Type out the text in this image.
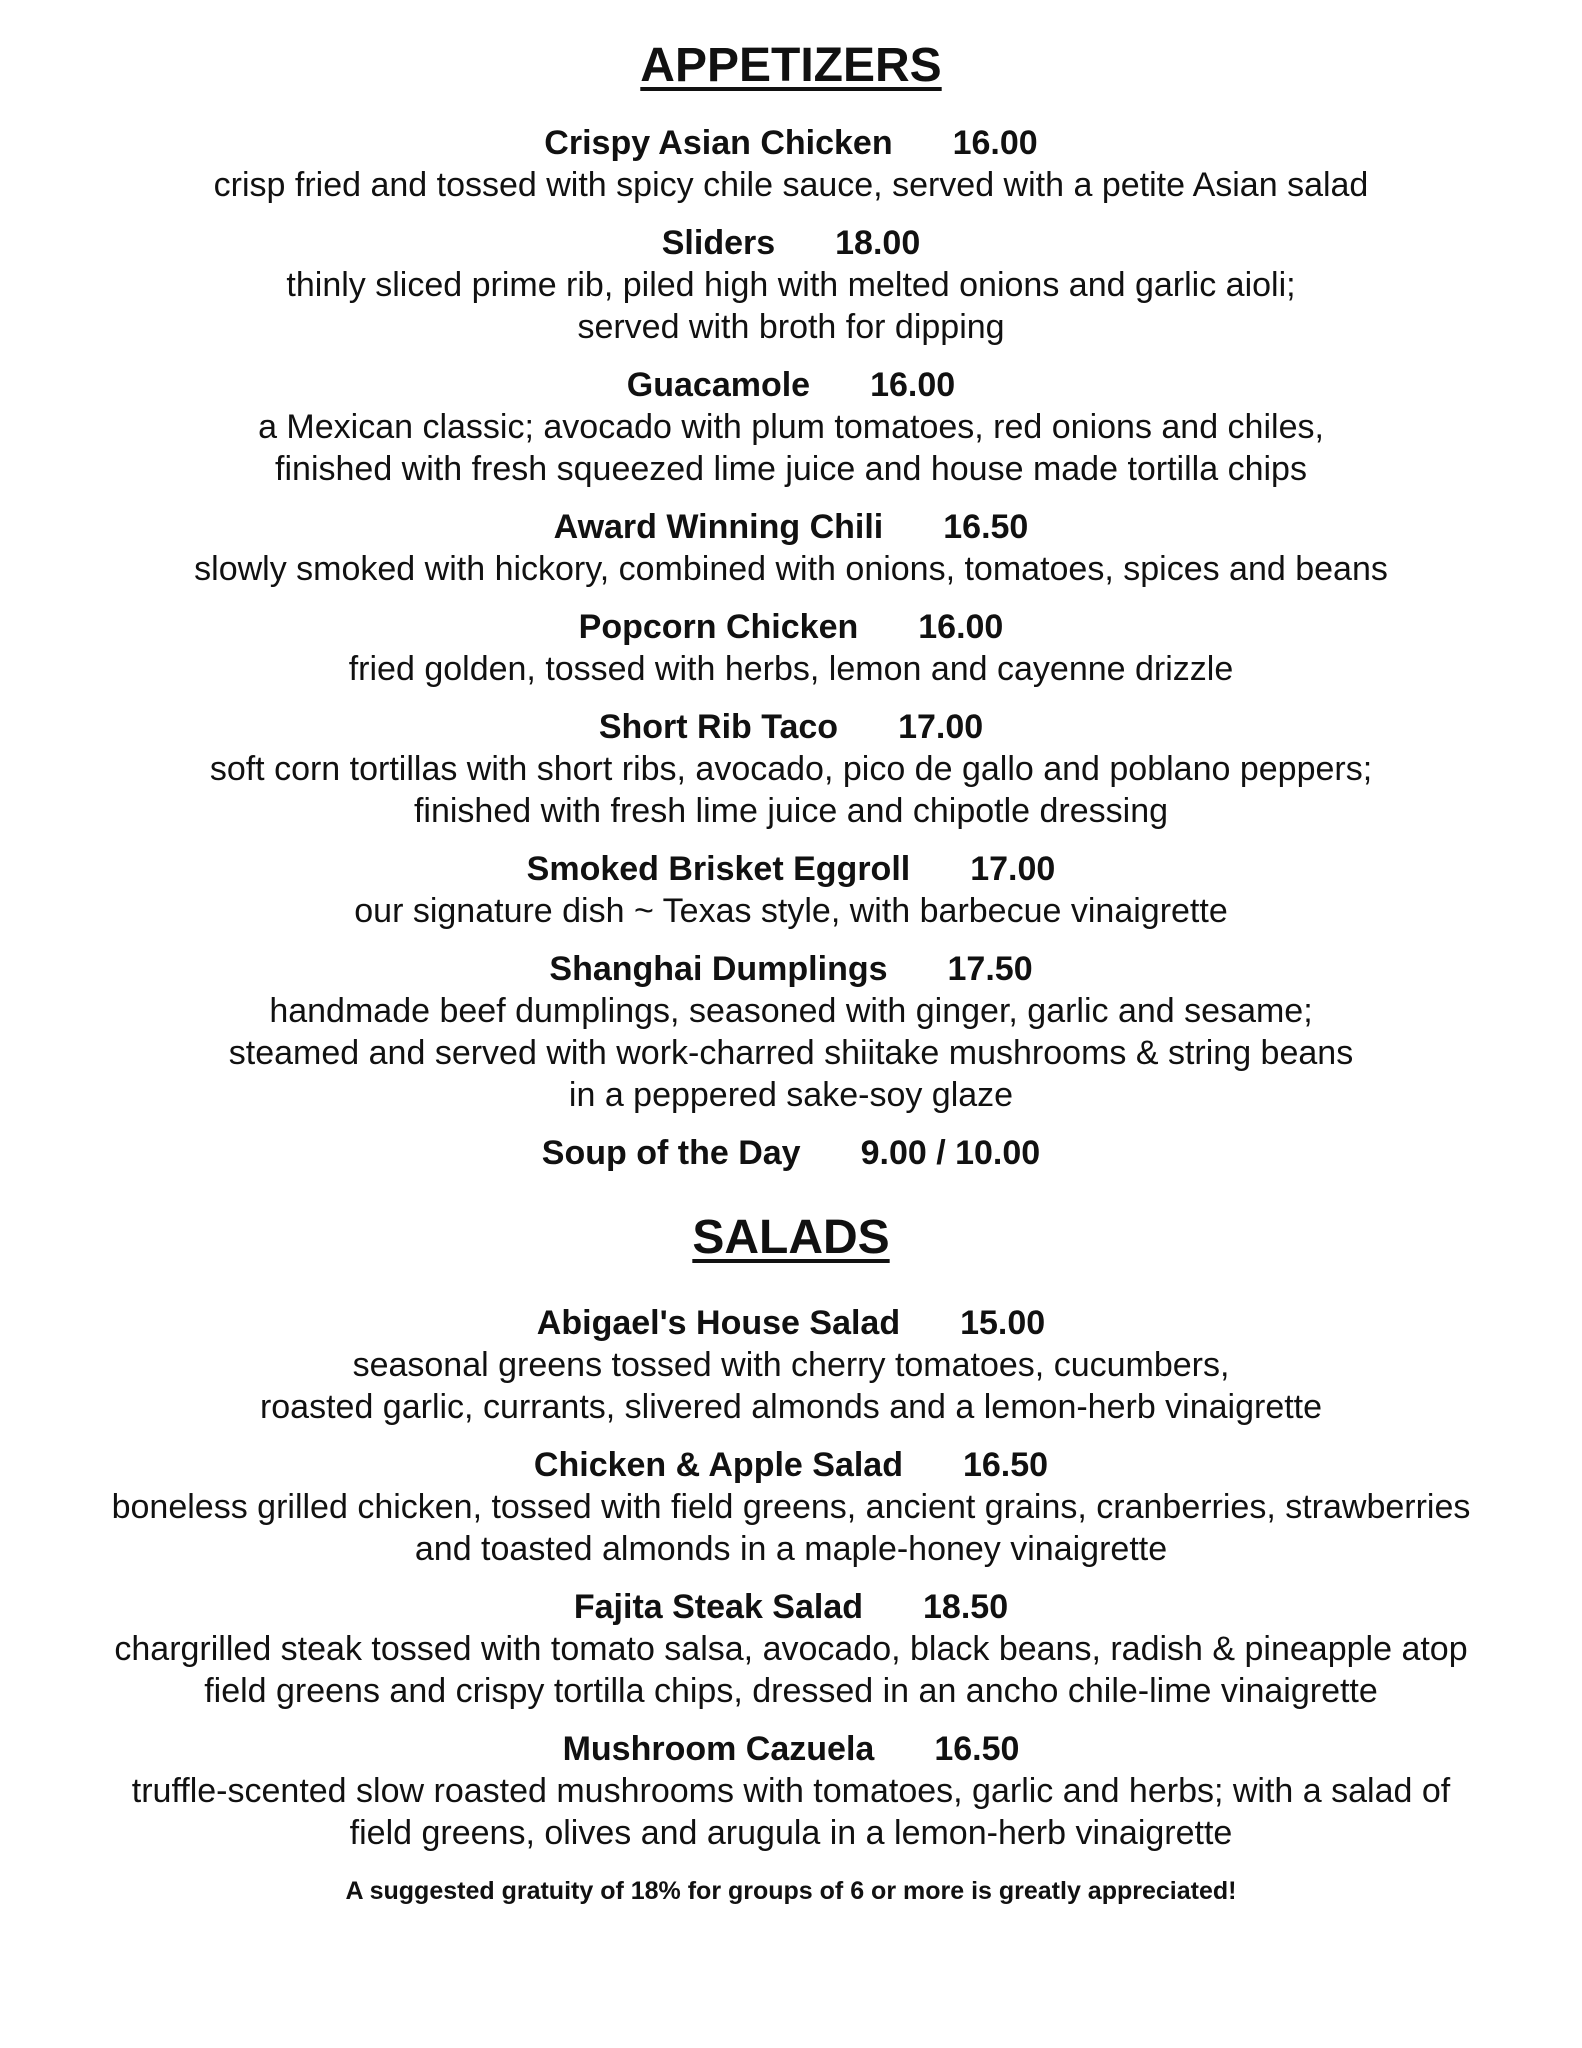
APPETIZERS
Crispy Asian Chicken 16.00
crisp fried and tossed with spicy chile sauce, served with a petite Asian salad
Sliders 18.00
thinly sliced prime rib, piled high with melted onions and garlic aioli;
served with broth for dipping
Guacamole 16.00
a Mexican classic; avocado with plum tomatoes, red onions and chiles,
finished with fresh squeezed lime juice and house made tortilla chips
Award Winning Chili 16.50
slowly smoked with hickory, combined with onions, tomatoes, spices and beans
Popcorn Chicken 16.00
fried golden, tossed with herbs, lemon and cayenne drizzle
Short Rib Taco 17.00
soft corn tortillas with short ribs, avocado, pico de gallo and poblano peppers;
finished with fresh lime juice and chipotle dressing
Smoked Brisket Eggroll 17.00
our signature dish ~ Texas style, with barbecue vinaigrette
Shanghai Dumplings 17.50
handmade beef dumplings, seasoned with ginger, garlic and sesame;
steamed and served with work-charred shiitake mushrooms & string beans
in a peppered sake-soy glaze
Soup of the Day 9.00 / 10.00
SALADS
Abigael's House Salad 15.00
seasonal greens tossed with cherry tomatoes, cucumbers,
roasted garlic, currants, slivered almonds and a lemon-herb vinaigrette
Chicken & Apple Salad 16.50
boneless grilled chicken, tossed with field greens, ancient grains, cranberries, strawberries
and toasted almonds in a maple-honey vinaigrette
Fajita Steak Salad 18.50
chargrilled steak tossed with tomato salsa, avocado, black beans, radish & pineapple atop
field greens and crispy tortilla chips, dressed in an ancho chile-lime vinaigrette
Mushroom Cazuela 16.50
truffle-scented slow roasted mushrooms with tomatoes, garlic and herbs; with a salad of
field greens, olives and arugula in a lemon-herb vinaigrette
A suggested gratuity of 18% for groups of 6 or more is greatly appreciated!
